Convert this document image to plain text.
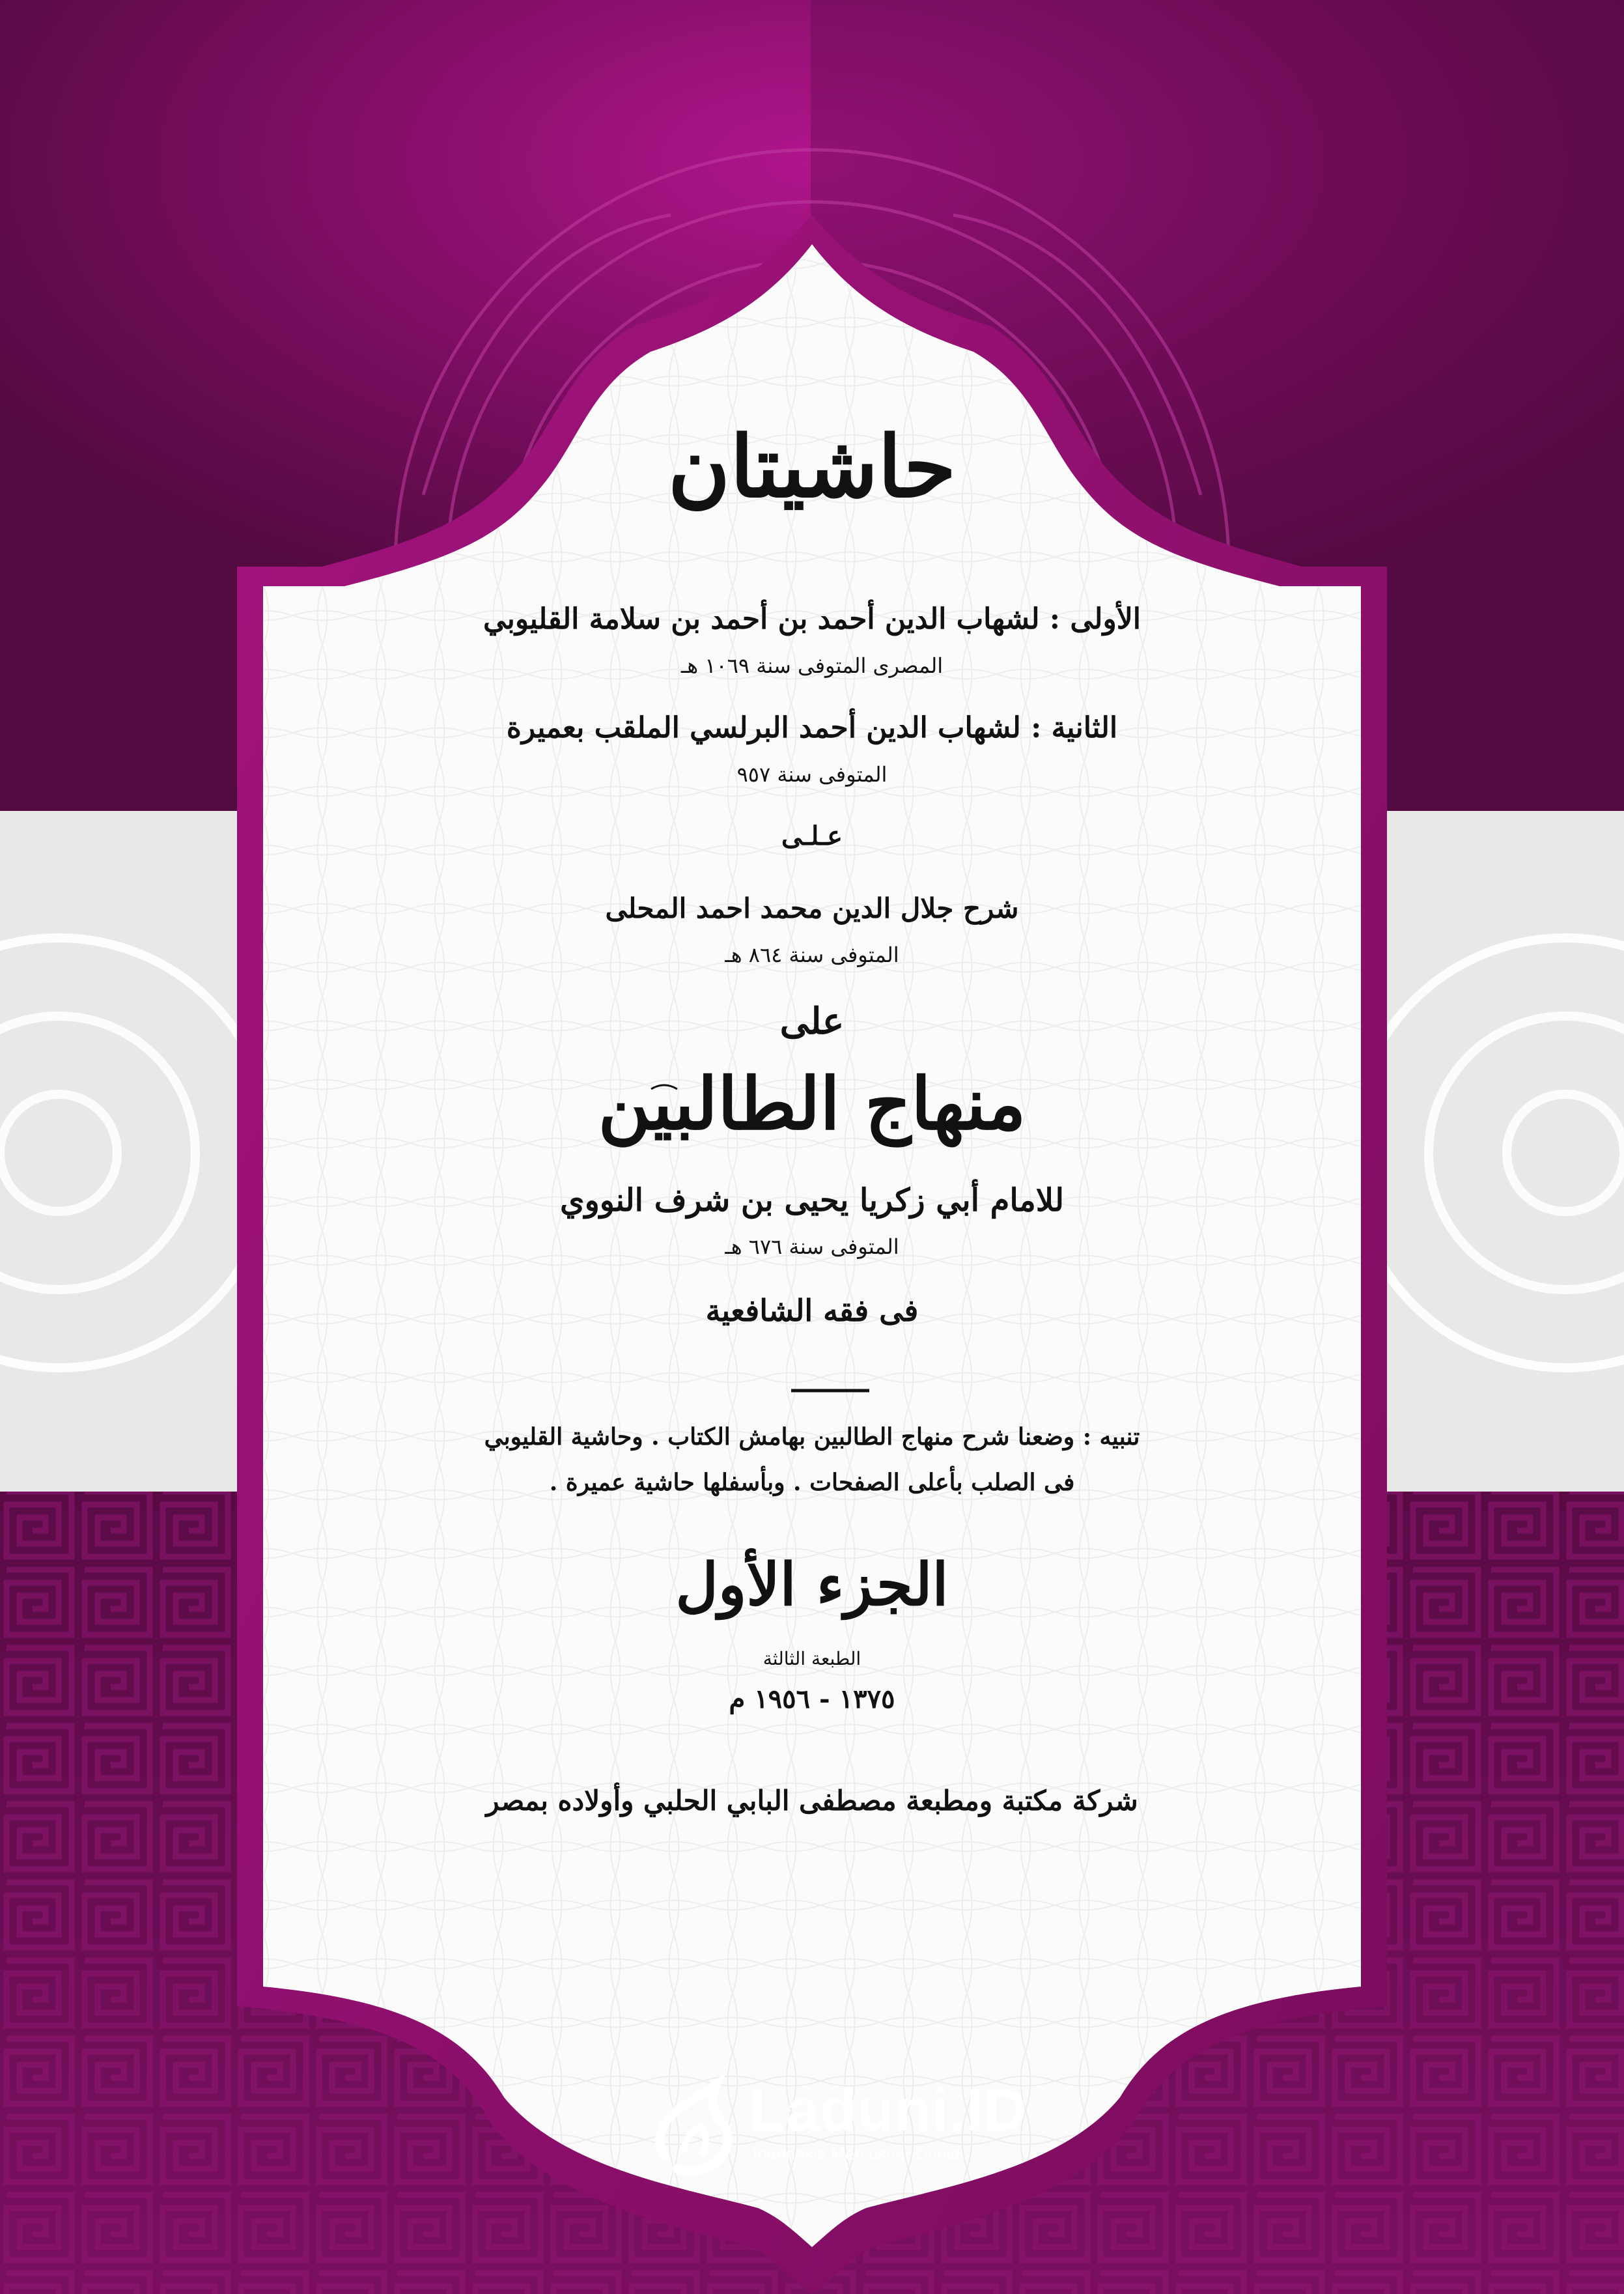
حاشيتان
الأولى : لشهاب الدين أحمد بن أحمد بن سلامة القليوبي
المصرى المتوفى سنة ١٠٦٩ هـ
الثانية : لشهاب الدين أحمد البرلسي الملقب بعميرة
المتوفى سنة ٩٥٧
عـلـى
شرح جلال الدين محمد احمد المحلى
المتوفى سنة ٨٦٤ هـ
على
منهاج الطالبين
للامام أبي زكريا يحيى بن شرف النووي
المتوفى سنة ٦٧٦ هـ
فى فقه الشافعية
تنبيه : وضعنا شرح منهاج الطالبين بهامش الكتاب . وحاشية القليوبي
فى الصلب بأعلى الصفحات . وبأسفلها حاشية عميرة .
الجزء الأول
الطبعة الثالثة
١٣٧٥ - ١٩٥٦ م
شركة مكتبة ومطبعة مصطفى البابي الحلبي وأولاده بمصر
Laduni.ID
Indonesia Mercusuar Dunia
